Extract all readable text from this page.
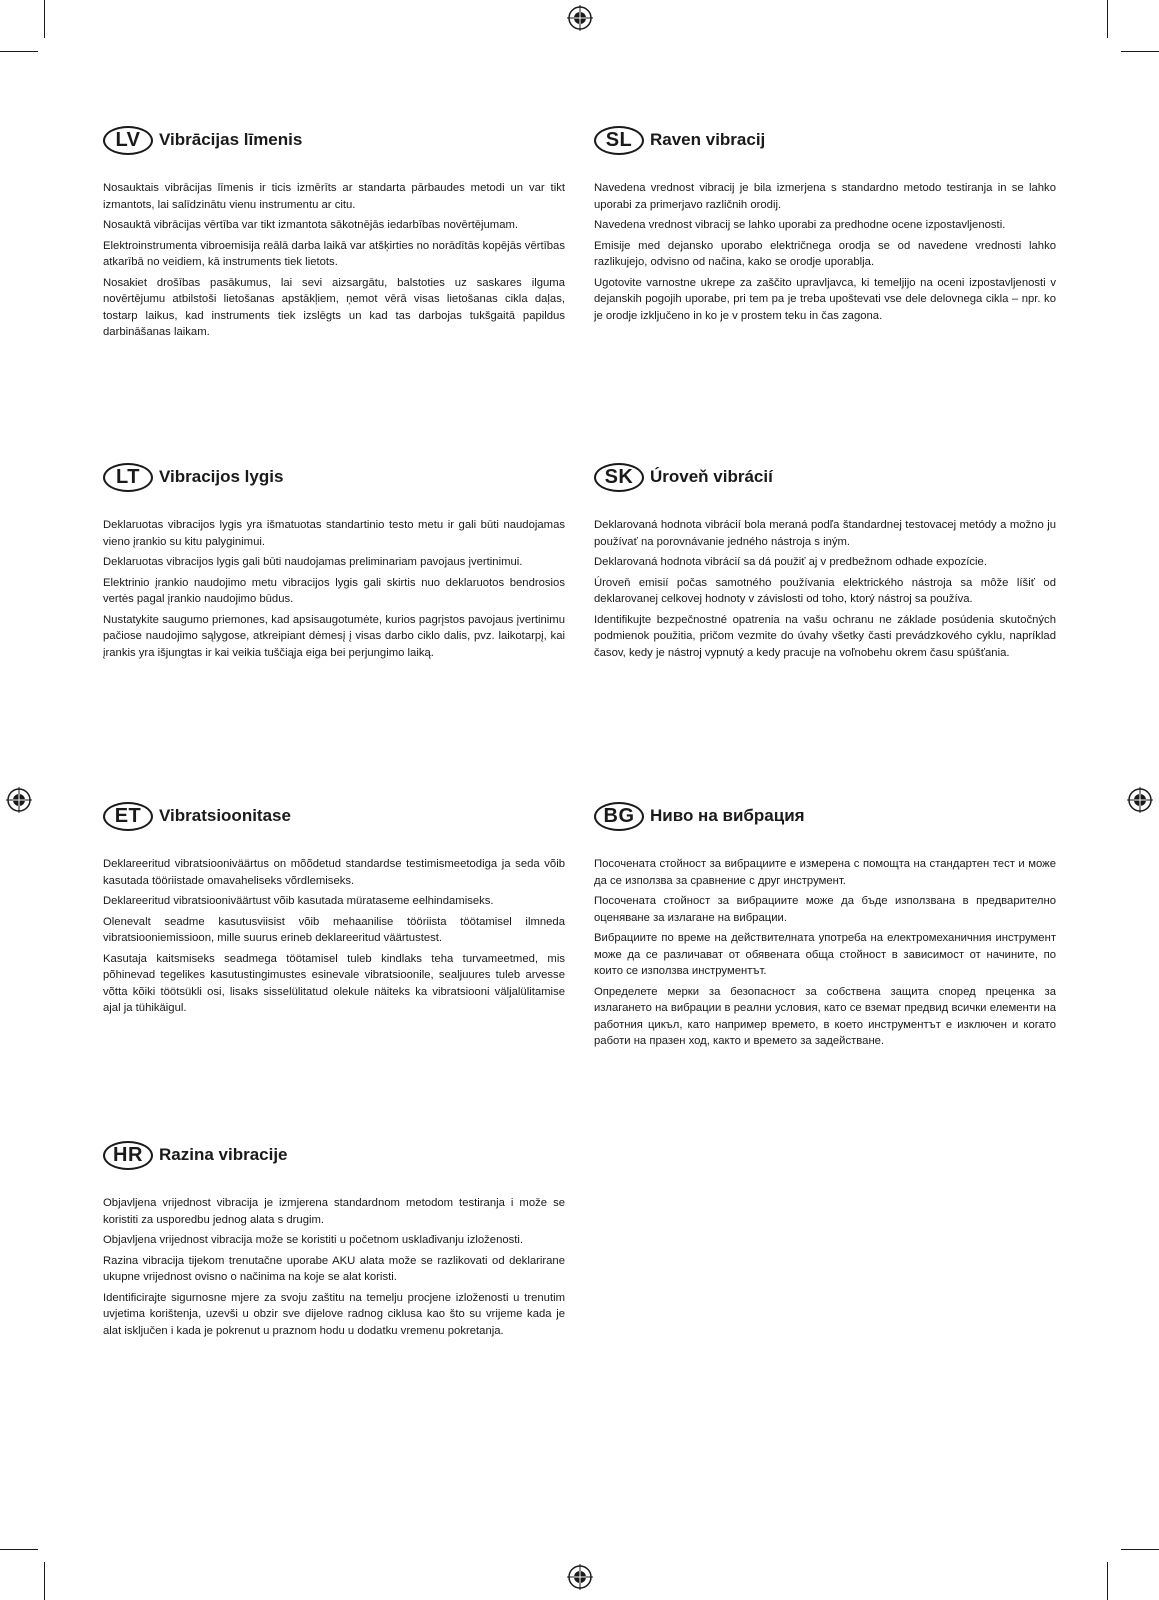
LV	Vibrācijas līmenis

Nosauktais vibrācijas līmenis ir ticis izmērīts ar standarta pārbaudes metodi un var tikt izmantots, lai salīdzinātu vienu instrumentu ar citu.

Nosauktā vibrācijas vērtība var tikt izmantota sākotnējās iedarbības novērtējumam.

Elektroinstrumenta vibroemisija reālā darba laikā var atšķirties no norādītās kopējās vērtības atkarībā no veidiem, kā instruments tiek lietots.

Nosakiet drošības pasākumus, lai sevi aizsargātu, balstoties uz saskares ilguma novērtējumu atbilstoši lietošanas apstākļiem, ņemot vērā visas lietošanas cikla daļas, tostarp laikus, kad instruments tiek izslēgts un kad tas darbojas tukšgaitā papildus darbināšanas laikam.

SL	Raven vibracij

Navedena vrednost vibracij je bila izmerjena s standardno metodo testiranja in se lahko uporabi za primerjavo različnih orodij.

Navedena vrednost vibracij se lahko uporabi za predhodne ocene izpostavljenosti.

Emisije med dejansko uporabo električnega orodja se od navedene vrednosti lahko razlikujejo, odvisno od načina, kako se orodje uporablja.

Ugotovite varnostne ukrepe za zaščito upravljavca, ki temeljijo na oceni izpostavljenosti v dejanskih pogojih uporabe, pri tem pa je treba upoštevati vse dele delovnega cikla – npr. ko je orodje izključeno in ko je v prostem teku in čas zagona.

LT	Vibracijos lygis

Deklaruotas vibracijos lygis yra išmatuotas standartinio testo metu ir gali būti naudojamas vieno įrankio su kitu palyginimui.

Deklaruotas vibracijos lygis gali būti naudojamas preliminariam pavojaus įvertinimui.

Elektrinio įrankio naudojimo metu vibracijos lygis gali skirtis nuo deklaruotos bendrosios vertės pagal įrankio naudojimo būdus.

Nustatykite saugumo priemones, kad apsisaugotumėte, kurios pagrįstos pavojaus įvertinimu pačiose naudojimo sąlygose, atkreipiant dėmesį į visas darbo ciklo dalis, pvz. laikotarpį, kai įrankis yra išjungtas ir kai veikia tuščiąja eiga bei perjungimo laiką.

SK Úroveň vibrácií

Deklarovaná hodnota vibrácií bola meraná podľa štandardnej testovacej metódy a možno ju používať na porovnávanie jedného nástroja s iným.

Deklarovaná hodnota vibrácií sa dá použiť aj v predbežnom odhade expozície.

Úroveň emisií počas samotného používania elektrického nástroja sa môže líšiť od deklarovanej celkovej hodnoty v závislosti od toho, ktorý nástroj sa používa.

Identifikujte bezpečnostné opatrenia na vašu ochranu ne základe posúdenia skutočných podmienok použitia, pričom vezmite do úvahy všetky časti prevádzkového cyklu, napríklad časov, kedy je nástroj vypnutý a kedy pracuje na voľnobehu okrem času spúšťania.

ET	Vibratsioonitase

Deklareeritud vibratsiooniväärtus on mõõdetud standardse testimismeetodiga ja seda võib kasutada tööriistade omavaheliseks võrdlemiseks.

Deklareeritud vibratsiooniväärtust võib kasutada mürataseme eelhindamiseks.

Olenevalt seadme kasutusviisist võib mehaanilise tööriista töötamisel ilmneda vibratsiooniemissioon, mille suurus erineb deklareeritud väärtustest.

Kasutaja kaitsmiseks seadmega töötamisel tuleb kindlaks teha turvameetmed, mis põhinevad tegelikes kasutustingimustes esinevale vibratsioonile, sealjuures tuleb arvesse võtta kõiki töötsükli osi, lisaks sisselülitatud olekule näiteks ka vibratsiooni väljalülitamise ajal ja tühikäigul.

BG Ниво на вибрация

Посочената стойност за вибрациите е измерена с помощта на стандартен тест и може да се използва за сравнение с друг инструмент.

Посочената стойност за вибрациите може да бъде използвана в предварително оценяване за излагане на вибрации.

Вибрациите по време на действителната употреба на електромеханичния инструмент може да се различават от обявената обща стойност в зависимост от начините, по които се използва инструментът.

Определете мерки за безопасност за собствена защита според преценка за излагането на вибрации в реални условия, като се вземат предвид всички елементи на работния цикъл, като например времето, в което инструментът е изключен и когато работи на празен ход, както и времето за задействане.

HR Razina vibracije

Objavljena vrijednost vibracija je izmjerena standardnom metodom testiranja i može se koristiti za usporedbu jednog alata s drugim.

Objavljena vrijednost vibracija može se koristiti u početnom usklađivanju izloženosti.

Razina vibracija tijekom trenutačne uporabe AKU alata može se razlikovati od deklarirane ukupne vrijednost ovisno o načinima na koje se alat koristi.

Identificirajte sigurnosne mjere za svoju zaštitu na temelju procjene izloženosti u trenutim uvjetima korištenja, uzevši u obzir sve dijelove radnog ciklusa kao što su vrijeme kada je alat isključen i kada je pokrenut u praznom hodu u dodatku vremenu pokretanja.
